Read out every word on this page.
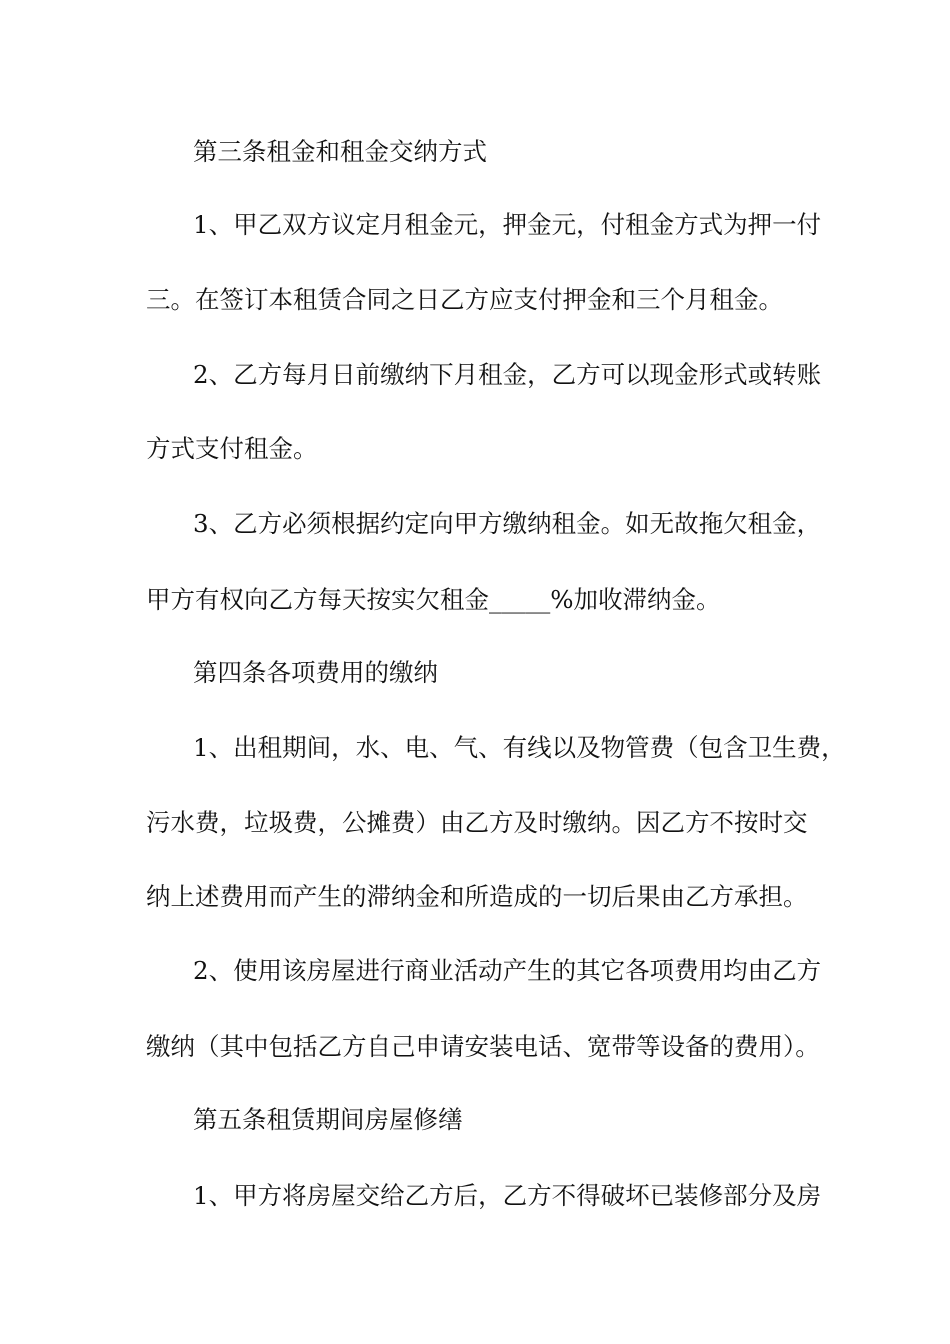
第三条租金和租金交纳方式
1、甲乙双方议定月租金元，押金元，付租金方式为押一付
三。在签订本租赁合同之日乙方应支付押金和三个月租金。
2、乙方每月日前缴纳下月租金，乙方可以现金形式或转账
方式支付租金。
3、乙方必须根据约定向甲方缴纳租金。如无故拖欠租金，
甲方有权向乙方每天按实欠租金_____%加收滞纳金。
第四条各项费用的缴纳
1、出租期间，水、电、气、有线以及物管费（包含卫生费，
污水费，垃圾费，公摊费）由乙方及时缴纳。因乙方不按时交
纳上述费用而产生的滞纳金和所造成的一切后果由乙方承担。
2、使用该房屋进行商业活动产生的其它各项费用均由乙方
缴纳（其中包括乙方自己申请安装电话、宽带等设备的费用）。
第五条租赁期间房屋修缮
1、甲方将房屋交给乙方后，乙方不得破坏已装修部分及房
